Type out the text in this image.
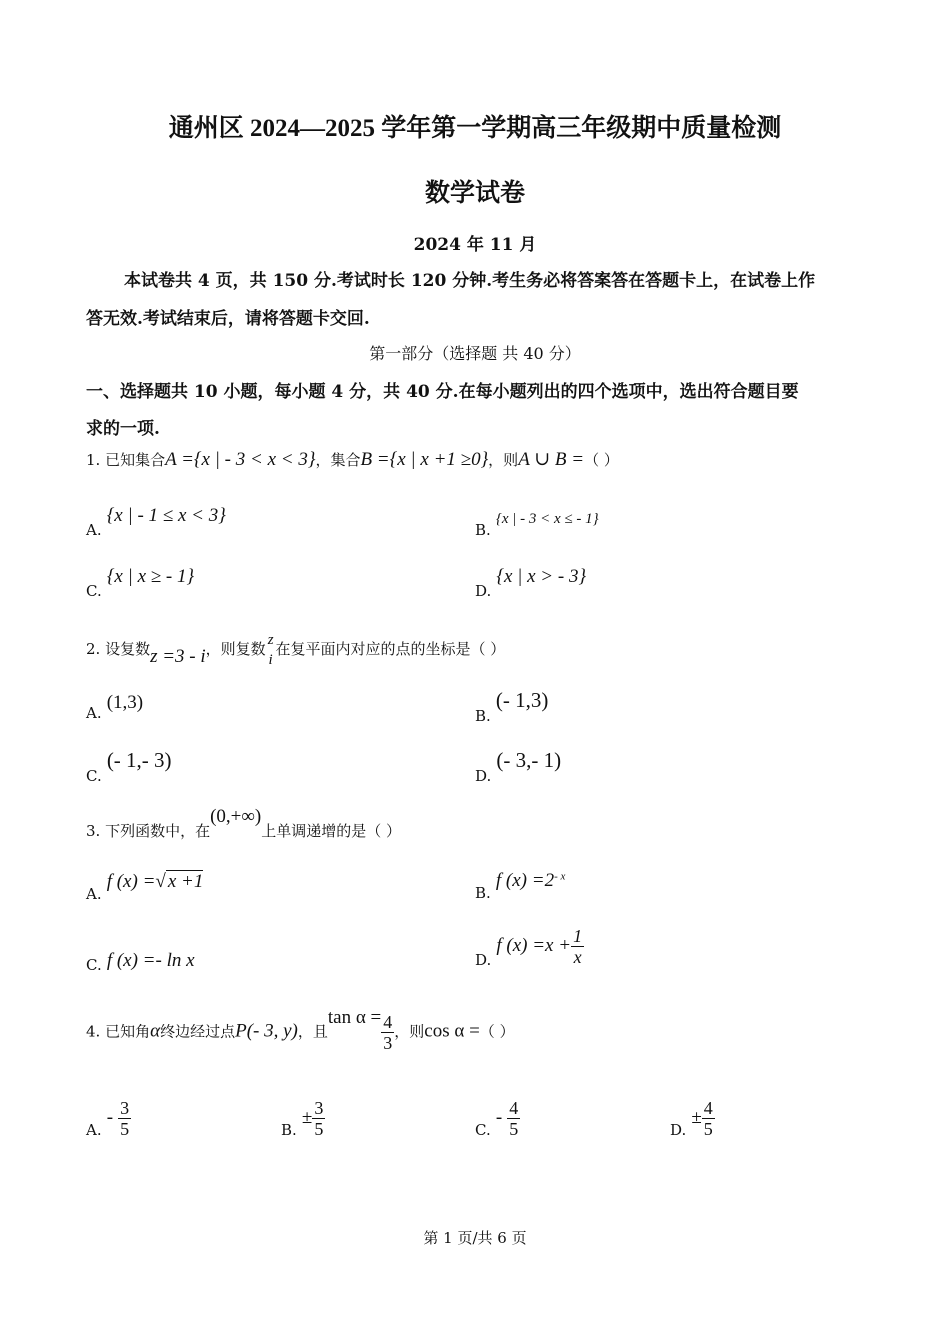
通州区 2024—2025 学年第一学期高三年级期中质量检测
数学试卷
2024 年 11 月
本试卷共 4 页，共 150 分.考试时长 120 分钟.考生务必将答案答在答题卡上，在试卷上作
答无效.考试结束后，请将答题卡交回.
第一部分（选择题 共 40 分）
一、选择题共 10 小题，每小题 4 分，共 40 分.在每小题列出的四个选项中，选出符合题目要
求的一项.
1. 已知集合A ={x | - 3 < x < 3}，集合B ={x | x +1 ≥0}，则A ∪ B =（ ）
A. {x | - 1 ≤ x < 3}
B. {x | - 3 < x ≤ - 1}
C. {x | x ≥ - 1}
D. {x | x > - 3}
2. 设复数z =3 - i，则复数 z
i
在复平面内对应的点的坐标是（ ）
A. (1,3)
B. (- 1,3)
C. (- 1,- 3)
D. (- 3,- 1)
3. 下列函数中，在(0,+∞)上单调递增的是（ ）
A. f (x) =√ x +1
B. f $(x) =2^{- x}$
C. f (x) =- ln x	D. f $(x) =x + \frac{1}{x}$
4. 已知角α终边经过点P(- 3, y)，且$\tan \alpha = \frac{4}{3}$ ，则cos α =（ ）
A. - $\frac{3}{5}$	B. ± $\frac{3}{5}$	C. - $\frac{4}{5}$	D. ± $\frac{4}{5}$
第 1 页/共 6 页
